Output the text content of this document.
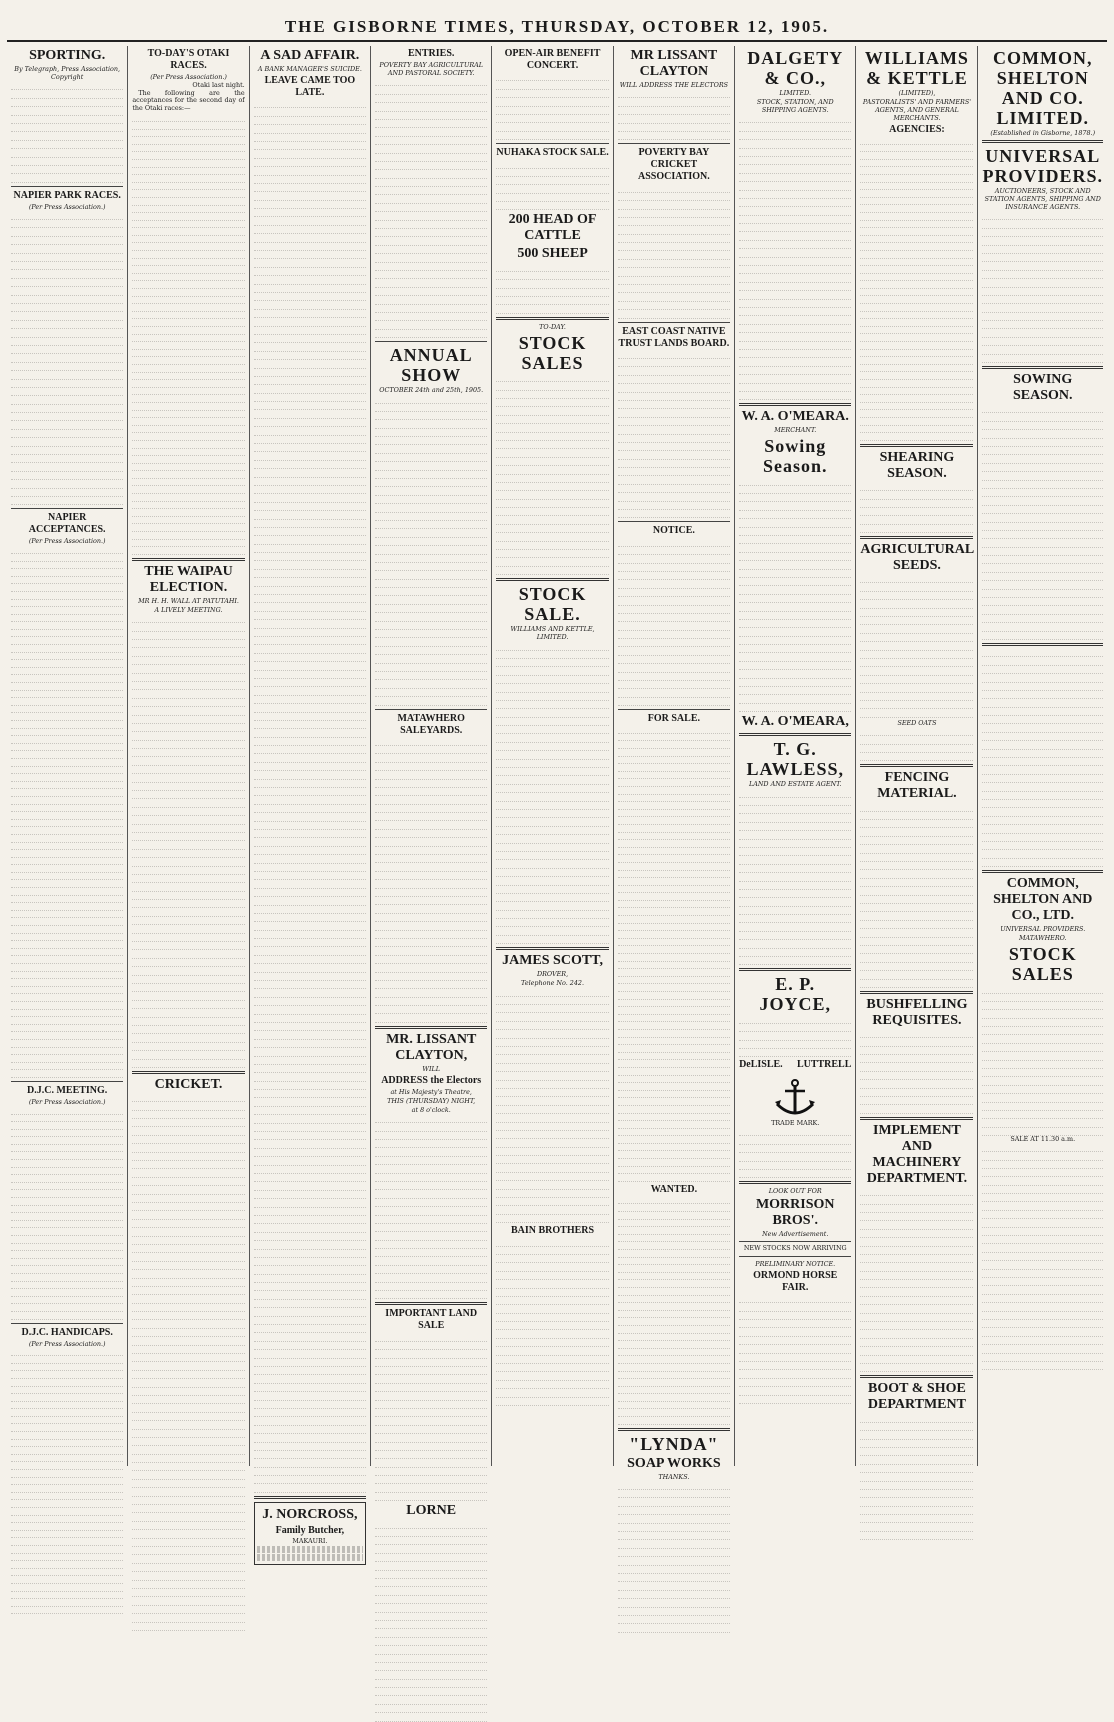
THE GISBORNE TIMES, THURSDAY, OCTOBER 12, 1905.
SPORTING.
By Telegraph, Press Association, Copyright
NAPIER PARK RACES.
(Per Press Association.)
NAPIER ACCEPTANCES.
(Per Press Association.)
D.J.C. MEETING.
(Per Press Association.)
D.J.C. HANDICAPS.
(Per Press Association.)
TO-DAY'S OTAKI RACES.
(Per Press Association.)
Otaki last night.

The following are the acceptances for the second day of the Otaki races:—

THE WAIPAU ELECTION.
MR H. H. WALL AT PATUTAHI.
A LIVELY MEETING.
CRICKET.
A SAD AFFAIR.
A BANK MANAGER'S SUICIDE.
LEAVE CAME TOO LATE.
J. NORCROSS,
Family Butcher,
MAKAURI.
ENTRIES.
POVERTY BAY AGRICULTURAL AND PASTORAL SOCIETY.
ANNUAL SHOW
OCTOBER 24th and 25th, 1905.
MATAWHERO SALEYARDS.
MR. LISSANT CLAYTON,
WILL
ADDRESS the Electors
at His Majesty's Theatre,
THIS (THURSDAY) NIGHT,
at 8 o'clock.
IMPORTANT LAND SALE
LORNE
OPEN-AIR BENEFIT CONCERT.
NUHAKA STOCK SALE.
200 HEAD OF CATTLE
500 SHEEP
TO-DAY.
STOCK SALES
STOCK SALE.
WILLIAMS AND KETTLE, LIMITED.
JAMES SCOTT,
DROVER,
Telephone No. 242.
BAIN BROTHERS
MR LISSANT CLAYTON
WILL ADDRESS THE ELECTORS
POVERTY BAY CRICKET ASSOCIATION.
EAST COAST NATIVE TRUST LANDS BOARD.
NOTICE.
FOR SALE.
WANTED.
"LYNDA"
SOAP WORKS
THANKS.
DALGETY & CO.,
LIMITED.
STOCK, STATION, AND SHIPPING AGENTS.
W. A. O'MEARA.
MERCHANT.
Sowing Season.
W. A. O'MEARA,
T. G. LAWLESS,
LAND AND ESTATE AGENT.
E. P. JOYCE,
DeLISLE. LUTTRELL
TRADE MARK.
LOOK OUT FOR
MORRISON BROS'.
New Advertisement.
NEW STOCKS NOW ARRIVING
PRELIMINARY NOTICE.
ORMOND HORSE FAIR.
WILLIAMS & KETTLE
(LIMITED),
PASTORALISTS' AND FARMERS' AGENTS, AND GENERAL MERCHANTS.
AGENCIES:
SHEARING SEASON.
AGRICULTURAL SEEDS.
SEED OATS
FENCING MATERIAL.
BUSHFELLING REQUISITES.
IMPLEMENT AND MACHINERY DEPARTMENT.
BOOT & SHOE DEPARTMENT
COMMON, SHELTON AND CO. LIMITED.
(Established in Gisborne, 1878.)
UNIVERSAL PROVIDERS.
AUCTIONEERS, STOCK AND STATION AGENTS, SHIPPING AND INSURANCE AGENTS.
SOWING SEASON.
COMMON, SHELTON AND CO., LTD.
UNIVERSAL PROVIDERS.
MATAWHERO.
STOCK SALES
SALE AT 11.30 a.m.
